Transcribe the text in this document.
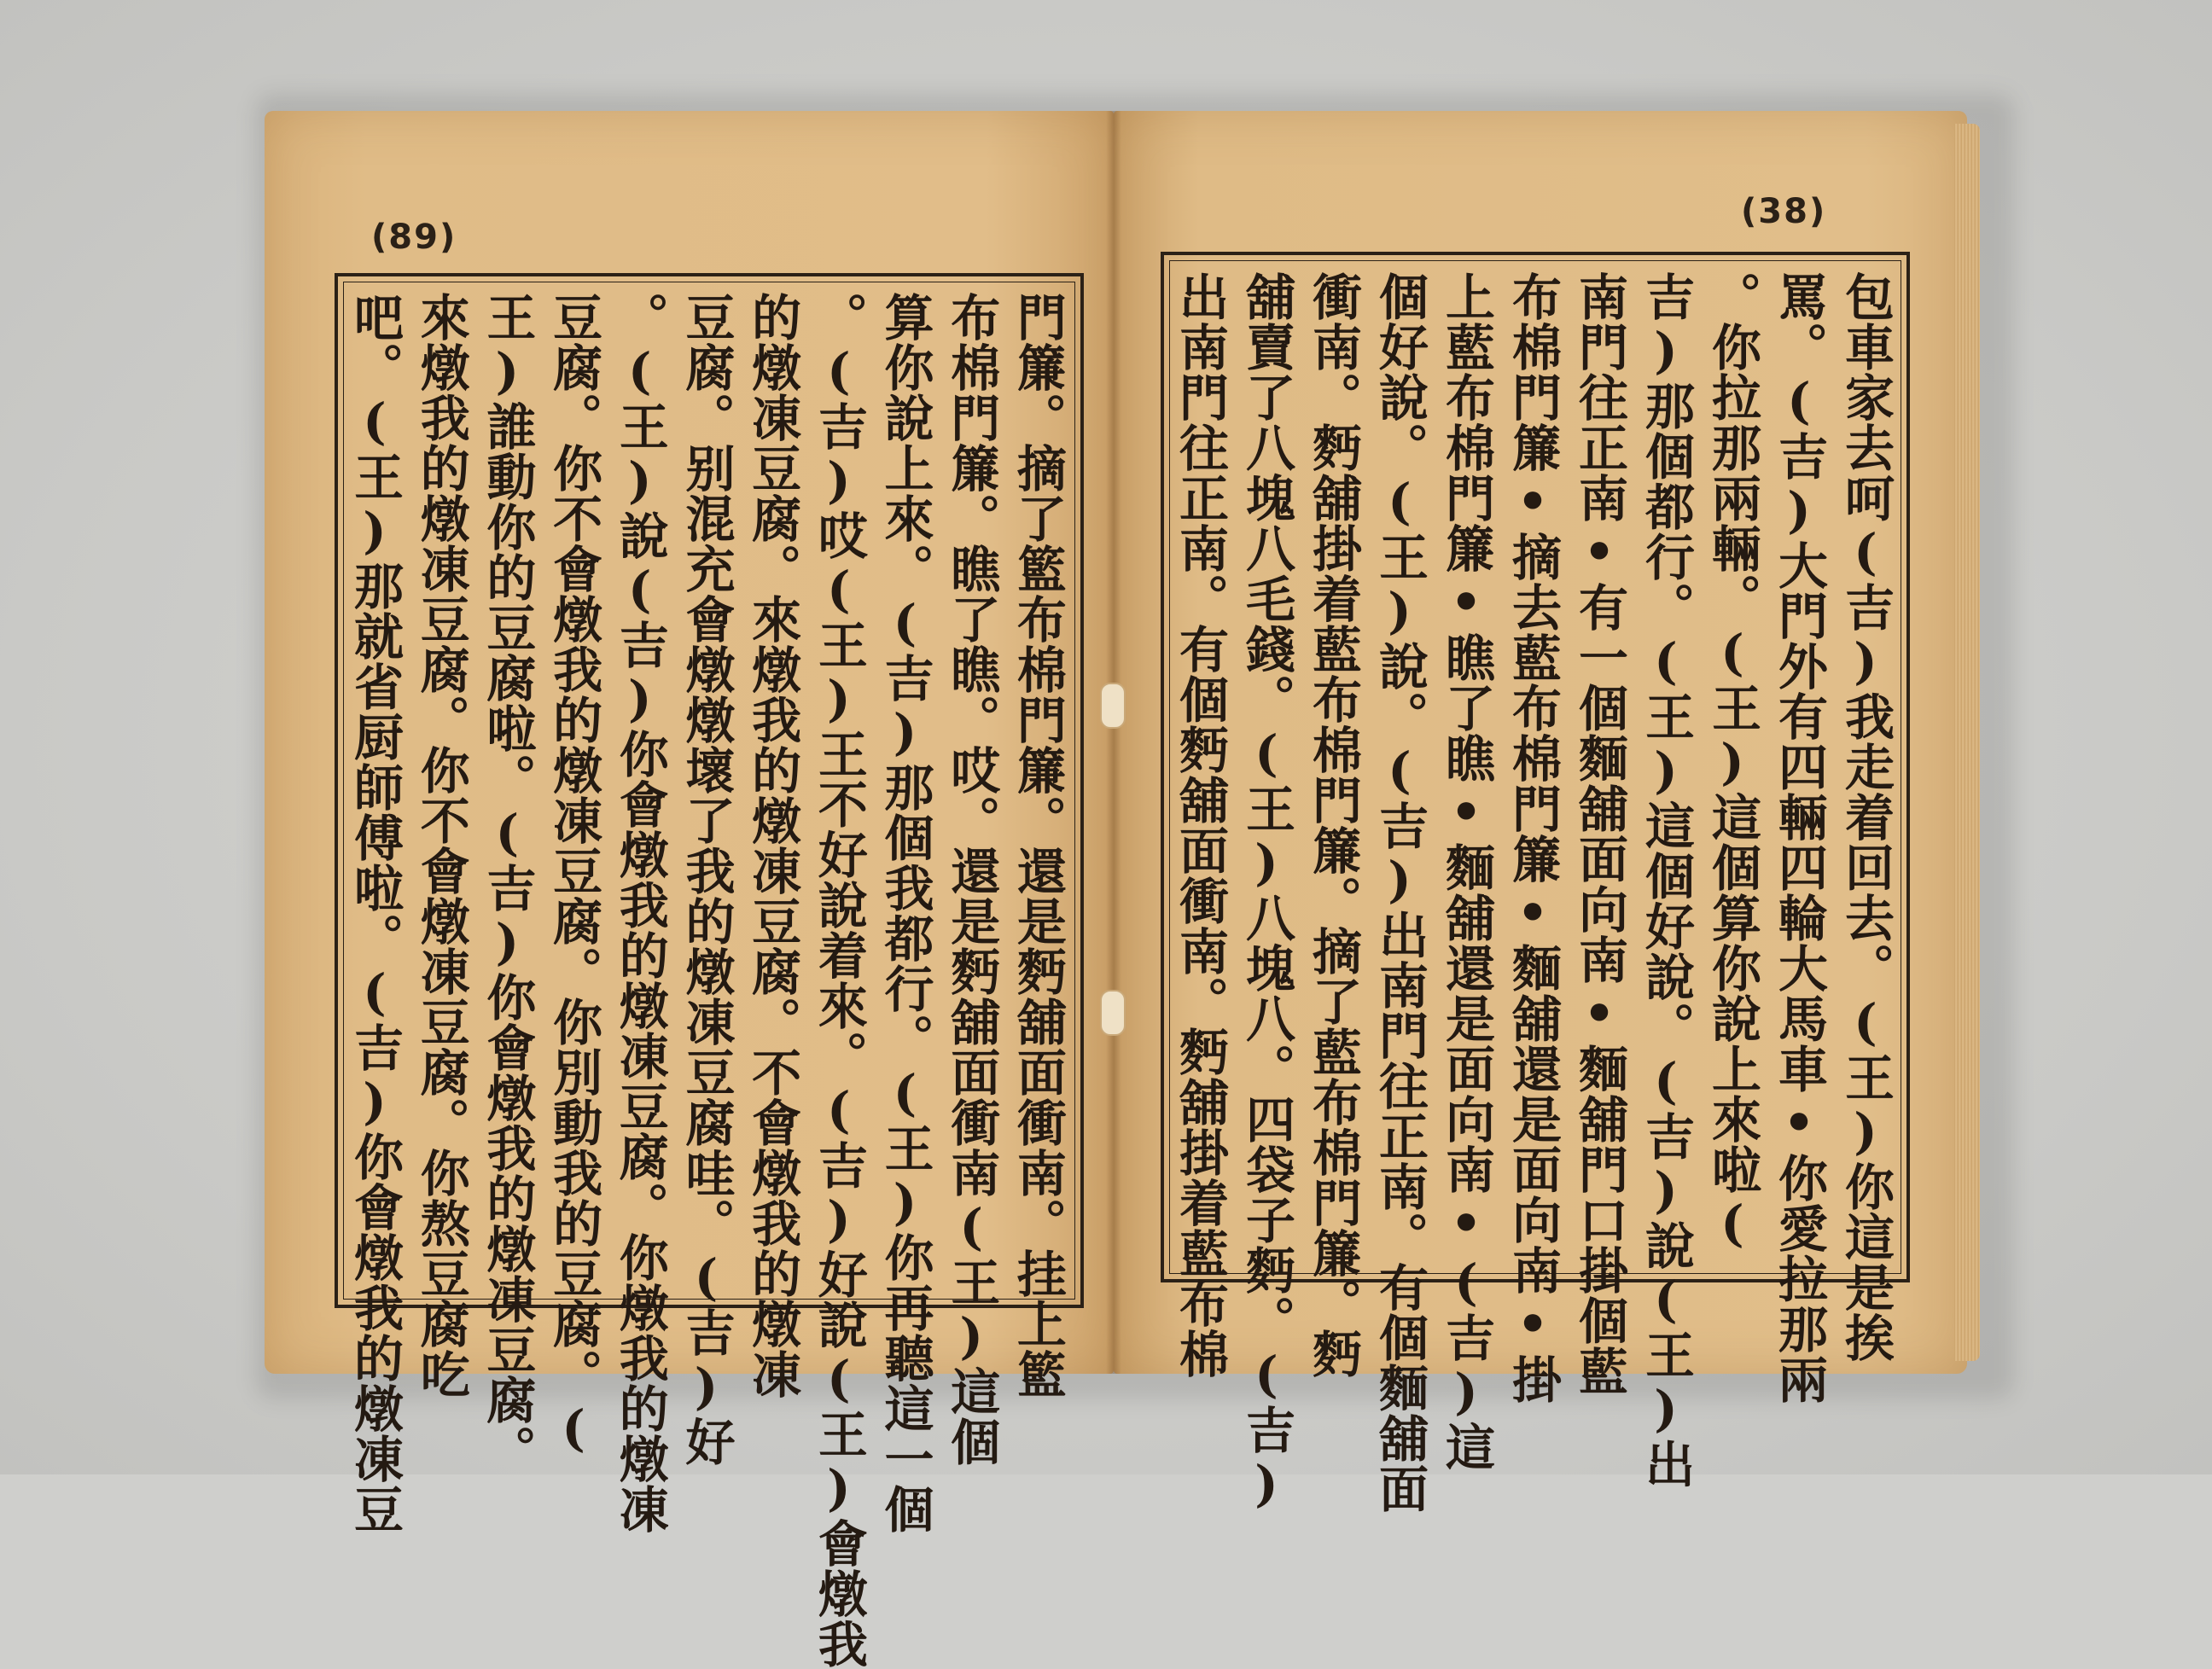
(89)
門簾。摘了籃布棉門簾。還是麪舖面衝南。挂上籃
布棉門簾。瞧了瞧。哎。還是麪舖面衝南(王)這個
算你說上來。(吉)那個我都行。(王)你再聽這一個
。(吉)哎(王)王不好說着來。(吉)好說(王)會燉我
的燉凍豆腐。來燉我的燉凍豆腐。不會燉我的燉凍
豆腐。别混充會燉燉壞了我的燉凍豆腐哇。(吉)好
。(王)說(吉)你會燉我的燉凍豆腐。你燉我的燉凍
豆腐。你不會燉我的燉凍豆腐。你別動我的豆腐。(
王)誰動你的豆腐啦。(吉)你會燉我的燉凍豆腐。
來燉我的燉凍豆腐。你不會燉凍豆腐。你熬豆腐吃
吧。(王)那就省厨師傅啦。(吉)你會燉我的燉凍豆
(38)
包車家去呵(吉)我走着回去。(王)你這是挨
罵。(吉)大門外有四輛四輪大馬車•你愛拉那兩
。你拉那兩輛。(王)這個算你說上來啦(
吉)那個都行。(王)這個好說。(吉)說(王)出
南門往正南•有一個麵舖面向南•麵舖門口掛個藍
布棉門簾•摘去藍布棉門簾•麵舖還是面向南•掛
上藍布棉門簾•瞧了瞧•麵舖還是面向南•(吉)這
個好說。(王)說。(吉)出南門往正南。有個麵舖面
衝南。麪舖掛着藍布棉門簾。摘了藍布棉門簾。麪
舖賣了八塊八毛錢。(王)八塊八。四袋子麪。(吉)
出南門往正南。有個麪舖面衝南。麪舖掛着藍布棉
